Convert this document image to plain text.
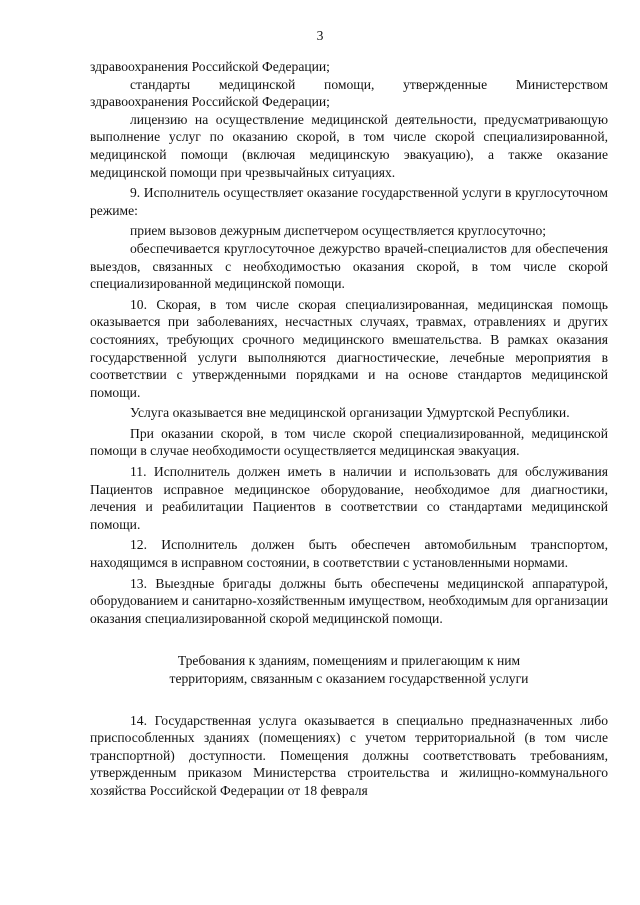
3

здравоохранения Российской Федерации;

стандарты медицинской помощи, утвержденные Министерством здравоохранения Российской Федерации;

лицензию на осуществление медицинской деятельности, предусматривающую выполнение услуг по оказанию скорой, в том числе скорой специализированной, медицинской помощи (включая медицинскую эвакуацию), а также оказание медицинской помощи при чрезвычайных ситуациях.

9. Исполнитель осуществляет оказание государственной услуги в круглосуточном режиме:

прием вызовов дежурным диспетчером осуществляется круглосуточно;

обеспечивается круглосуточное дежурство врачей-специалистов для обеспечения выездов, связанных с необходимостью оказания скорой, в том числе скорой специализированной медицинской помощи.

10. Скорая, в том числе скорая специализированная, медицинская помощь оказывается при заболеваниях, несчастных случаях, травмах, отравлениях и других состояниях, требующих срочного медицинского вмешательства. В рамках оказания государственной услуги выполняются диагностические, лечебные мероприятия в соответствии с утвержденными порядками и на основе стандартов медицинской помощи.

Услуга оказывается вне медицинской организации Удмуртской Республики.

При оказании скорой, в том числе скорой специализированной, медицинской помощи в случае необходимости осуществляется медицинская эвакуация.

11. Исполнитель должен иметь в наличии и использовать для обслуживания Пациентов исправное медицинское оборудование, необходимое для диагностики, лечения и реабилитации Пациентов в соответствии со стандартами медицинской помощи.

12. Исполнитель должен быть обеспечен автомобильным транспортом, находящимся в исправном состоянии, в соответствии с установленными нормами.

13. Выездные бригады должны быть обеспечены медицинской аппаратурой, оборудованием и санитарно-хозяйственным имуществом, необходимым для организации оказания специализированной скорой медицинской помощи.

Требования к зданиям, помещениям и прилегающим к ним

территориям, связанным с оказанием государственной услуги

14. Государственная услуга оказывается в специально предназначенных либо приспособленных зданиях (помещениях) с учетом территориальной (в том числе транспортной) доступности. Помещения должны соответствовать требованиям, утвержденным приказом Министерства строительства и жилищно-коммунального хозяйства Российской Федерации от 18 февраля
